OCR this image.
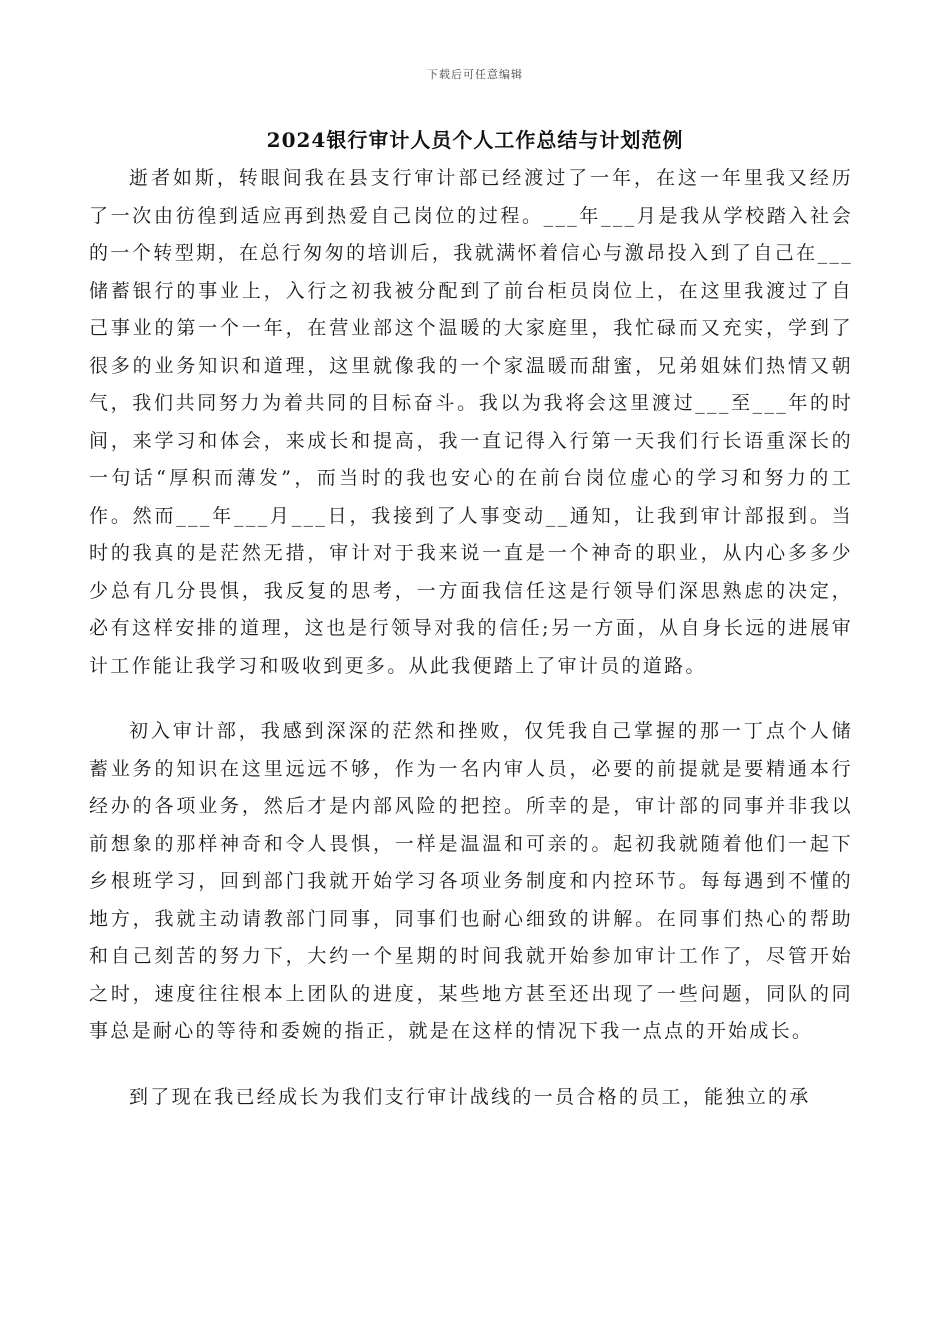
下载后可任意编辑
2024银行审计人员个人工作总结与计划范例

逝者如斯，转眼间我在县支行审计部已经渡过了一年，在这一年里我又经历了一次由彷徨到适应再到热爱自己岗位的过程。___年___月是我从学校踏入社会的一个转型期，在总行匆匆的培训后，我就满怀着信心与激昂投入到了自己在___储蓄银行的事业上，入行之初我被分配到了前台柜员岗位上，在这里我渡过了自己事业的第一个一年，在营业部这个温暖的大家庭里，我忙碌而又充实，学到了很多的业务知识和道理，这里就像我的一个家温暖而甜蜜，兄弟姐妹们热情又朝气，我们共同努力为着共同的目标奋斗。我以为我将会这里渡过___至___年的时间，来学习和体会，来成长和提高，我一直记得入行第一天我们行长语重深长的一句话“厚积而薄发”，而当时的我也安心的在前台岗位虚心的学习和努力的工作。然而___年___月___日，我接到了人事变动__通知，让我到审计部报到。当时的我真的是茫然无措，审计对于我来说一直是一个神奇的职业，从内心多多少少总有几分畏惧，我反复的思考，一方面我信任这是行领导们深思熟虑的决定，必有这样安排的道理，这也是行领导对我的信任;另一方面，从自身长远的进展审计工作能让我学习和吸收到更多。从此我便踏上了审计员的道路。

初入审计部，我感到深深的茫然和挫败，仅凭我自己掌握的那一丁点个人储蓄业务的知识在这里远远不够，作为一名内审人员，必要的前提就是要精通本行经办的各项业务，然后才是内部风险的把控。所幸的是，审计部的同事并非我以前想象的那样神奇和令人畏惧，一样是温温和可亲的。起初我就随着他们一起下乡根班学习，回到部门我就开始学习各项业务制度和内控环节。每每遇到不懂的地方，我就主动请教部门同事，同事们也耐心细致的讲解。在同事们热心的帮助和自己刻苦的努力下，大约一个星期的时间我就开始参加审计工作了，尽管开始之时，速度往往根本上团队的进度，某些地方甚至还出现了一些问题，同队的同事总是耐心的等待和委婉的指正，就是在这样的情况下我一点点的开始成长。

到了现在我已经成长为我们支行审计战线的一员合格的员工，能独立的承
